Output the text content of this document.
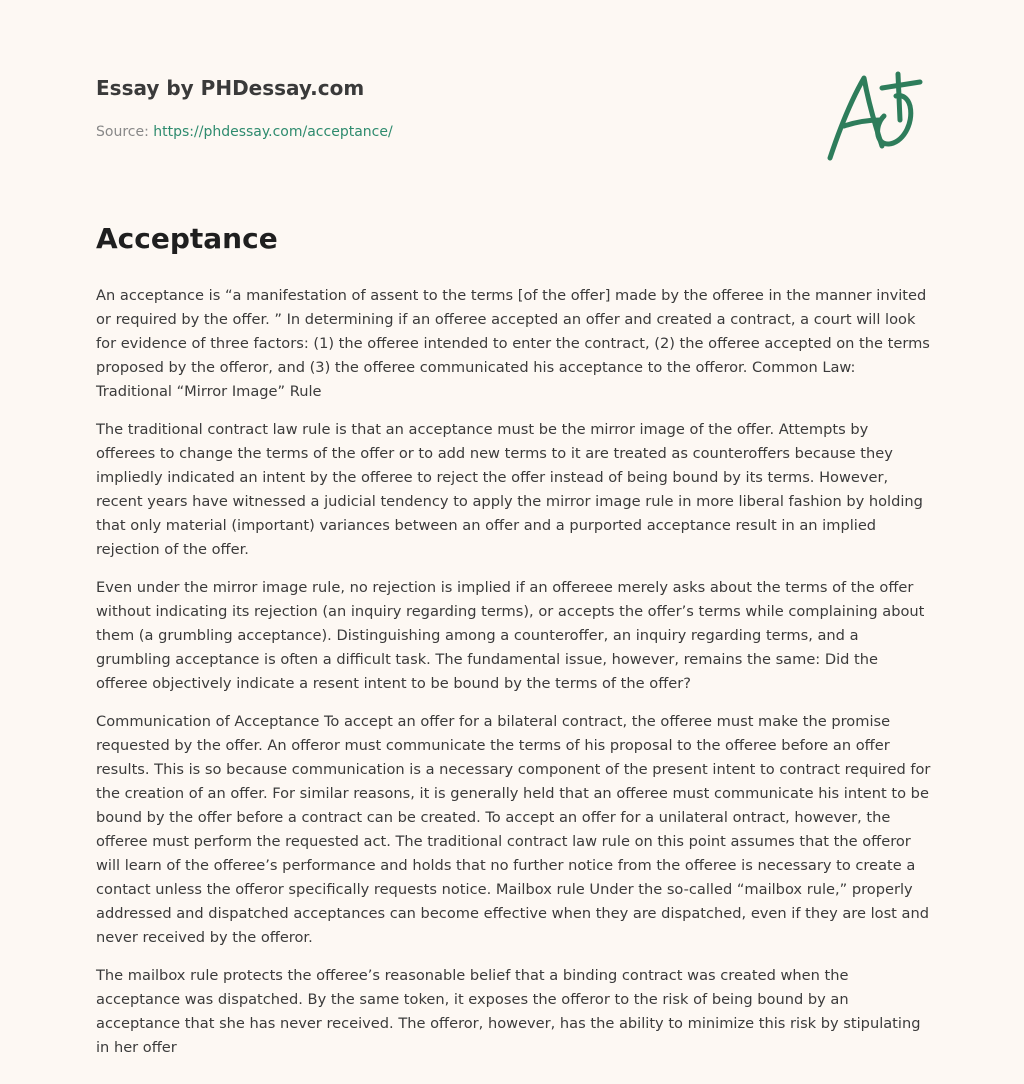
Essay by PHDessay.com
Source: https://phdessay.com/acceptance/
Acceptance

An acceptance is “a manifestation of assent to the terms [of the offer] made by the offeree in the manner invited or required by the offer. ” In determining if an offeree accepted an offer and created a contract, a court will look for evidence of three factors: (1) the offeree intended to enter the contract, (2) the offeree accepted on the terms proposed by the offeror, and (3) the offeree communicated his acceptance to the offeror. Common Law: Traditional “Mirror Image” Rule

The traditional contract law rule is that an acceptance must be the mirror image of the offer. Attempts by offerees to change the terms of the offer or to add new terms to it are treated as counteroffers because they impliedly indicated an intent by the offeree to reject the offer instead of being bound by its terms. However, recent years have witnessed a judicial tendency to apply the mirror image rule in more liberal fashion by holding that only material (important) variances between an offer and a purported acceptance result in an implied rejection of the offer.

Even under the mirror image rule, no rejection is implied if an offereee merely asks about the terms of the offer without indicating its rejection (an inquiry regarding terms), or accepts the offer’s terms while complaining about them (a grumbling acceptance). Distinguishing among a counteroffer, an inquiry regarding terms, and a grumbling acceptance is often a difficult task. The fundamental issue, however, remains the same: Did the offeree objectively indicate a resent intent to be bound by the terms of the offer?

Communication of Acceptance To accept an offer for a bilateral contract, the offeree must make the promise requested by the offer. An offeror must communicate the terms of his proposal to the offeree before an offer results. This is so because communication is a necessary component of the present intent to contract required for the creation of an offer. For similar reasons, it is generally held that an offeree must communicate his intent to be bound by the offer before a contract can be created. To accept an offer for a unilateral ontract, however, the offeree must perform the requested act. The traditional contract law rule on this point assumes that the offeror will learn of the offeree’s performance and holds that no further notice from the offeree is necessary to create a contact unless the offeror specifically requests notice. Mailbox rule Under the so-called “mailbox rule,” properly addressed and dispatched acceptances can become effective when they are dispatched, even if they are lost and never received by the offeror.

The mailbox rule protects the offeree’s reasonable belief that a binding contract was created when the acceptance was dispatched. By the same token, it exposes the offeror to the risk of being bound by an acceptance that she has never received. The offeror, however, has the ability to minimize this risk by stipulating in her offer
